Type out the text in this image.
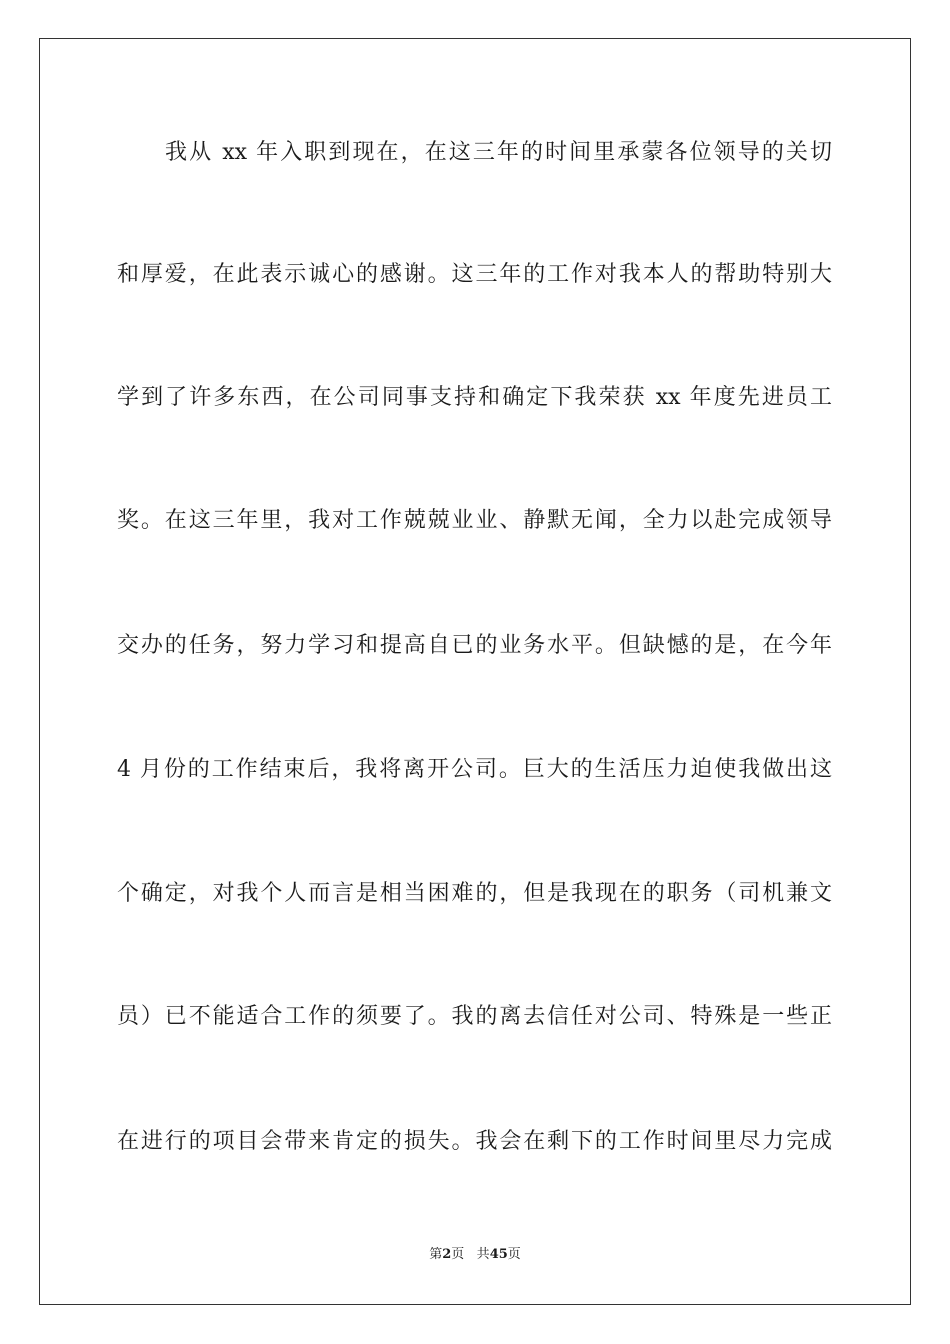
我从 xx 年入职到现在，在这三年的时间里承蒙各位领导的关切
和厚爱，在此表示诚心的感谢。这三年的工作对我本人的帮助特别大
学到了许多东西，在公司同事支持和确定下我荣获 xx 年度先进员工
奖。在这三年里，我对工作兢兢业业、静默无闻，全力以赴完成领导
交办的任务，努力学习和提高自已的业务水平。但缺憾的是，在今年
4 月份的工作结束后，我将离开公司。巨大的生活压力迫使我做出这
个确定，对我个人而言是相当困难的，但是我现在的职务（司机兼文
员）已不能适合工作的须要了。我的离去信任对公司、特殊是一些正
在进行的项目会带来肯定的损失。我会在剩下的工作时间里尽力完成
第2页 共45页
